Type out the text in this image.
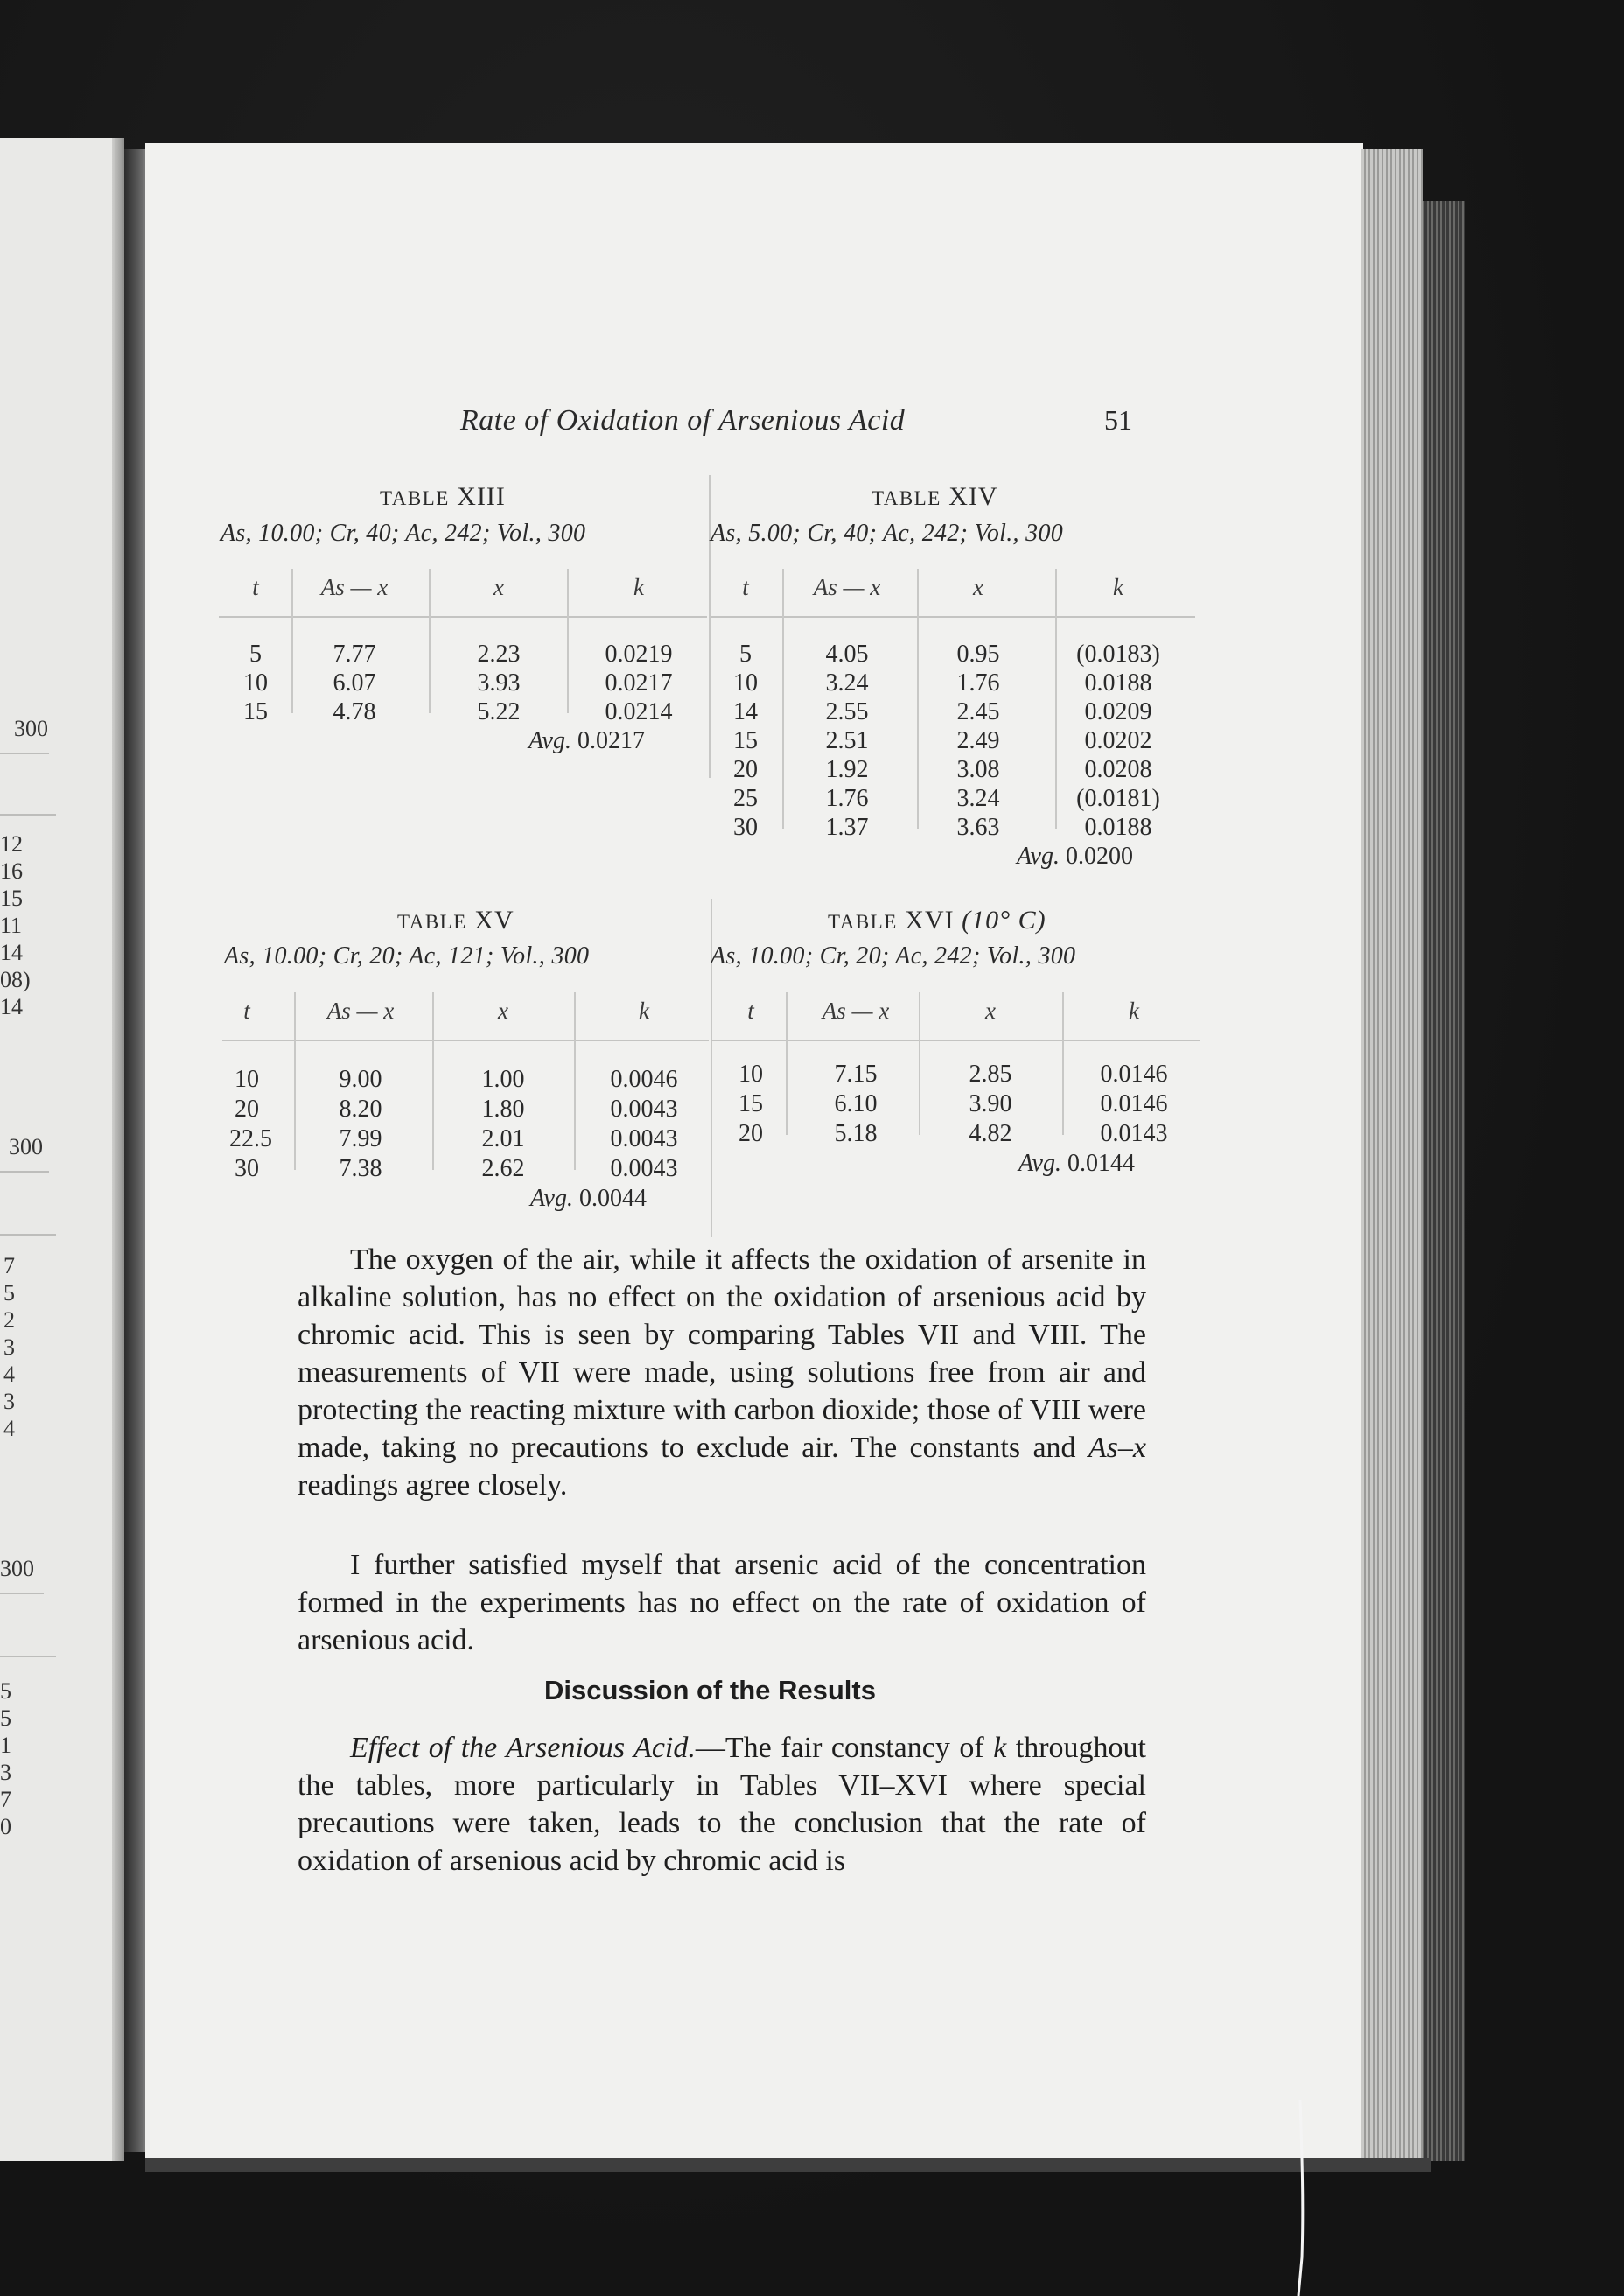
300
12
16
15
11
14
08)
14
300
7
5
2
3
4
3
4
300
5
5
1
3
7
0
Rate of Oxidation of Arsenious Acid	51
TABLE XIII
As, 10.00; Cr, 40; Ac, 242; Vol., 300
t	As — x	x	k
5	7.77	2.23	0.0219
10	6.07	3.93	0.0217
15	4.78	5.22	0.0214
Avg. 0.0217
TABLE XIV
As, 5.00; Cr, 40; Ac, 242; Vol., 300
t	As — x	x	k
5	4.05	0.95	(0.0183)
10	3.24	1.76	0.0188
14	2.55	2.45	0.0209
15	2.51	2.49	0.0202
20	1.92	3.08	0.0208
25	1.76	3.24	(0.0181)
30	1.37	3.63	0.0188
Avg. 0.0200
TABLE XV
As, 10.00; Cr, 20; Ac, 121; Vol., 300
t	As — x	x	k
10	9.00	1.00	0.0046
20	8.20	1.80	0.0043
22.5	7.99	2.01	0.0043
30	7.38	2.62	0.0043
Avg. 0.0044
TABLE XVI (10° C)
As, 10.00; Cr, 20; Ac, 242; Vol., 300
t	As — x	x	k
10	7.15	2.85	0.0146
15	6.10	3.90	0.0146
20	5.18	4.82	0.0143
Avg. 0.0144

The oxygen of the air, while it affects the oxidation of arsenite in alkaline solution, has no effect on the oxidation of arsenious acid by chromic acid. This is seen by comparing Tables VII and VIII. The measurements of VII were made, using solutions free from air and protecting the reacting mixture with carbon dioxide; those of VIII were made, taking no precautions to exclude air. The constants and As–x readings agree closely.

I further satisfied myself that arsenic acid of the concentration formed in the experiments has no effect on the rate of oxidation of arsenious acid.

Discussion of the Results

Effect of the Arsenious Acid.—The fair constancy of k throughout the tables, more particularly in Tables VII–XVI where special precautions were taken, leads to the conclusion that the rate of oxidation of arsenious acid by chromic acid is
